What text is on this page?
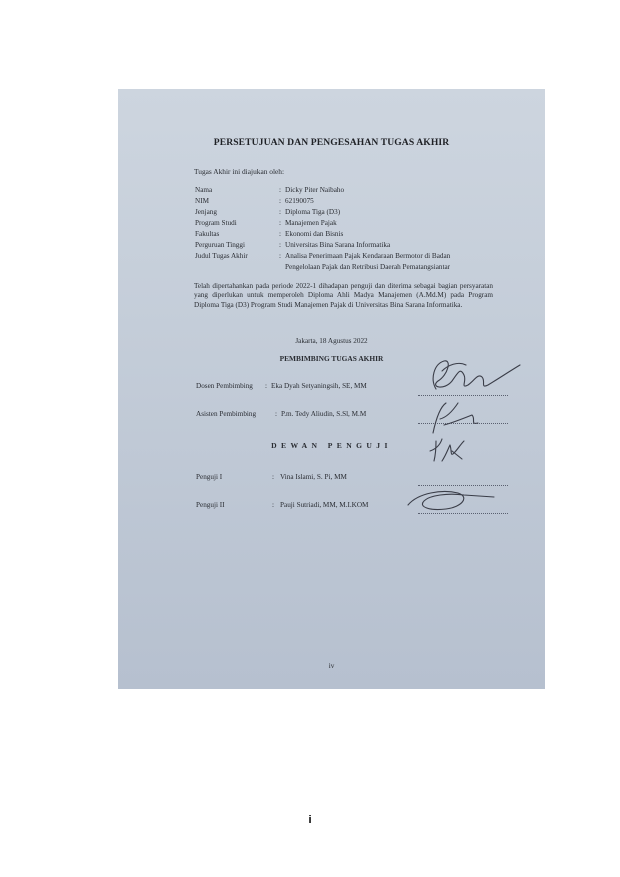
PERSETUJUAN DAN PENGESAHAN TUGAS AKHIR
Tugas Akhir ini diajukan oleh:
Nama	: Dicky Piter Naibaho
NIM	: 62190075
Jenjang	: Diploma Tiga (D3)
Program Studi	: Manajemen Pajak
Fakultas	: Ekonomi dan Bisnis
Perguruan Tinggi	: Universitas Bina Sarana Informatika
Judul Tugas Akhir	: Analisa Penerimaan Pajak Kendaraan Bermotor di Badan
Pengelolaan Pajak dan Retribusi Daerah Pematangsiantar
Telah dipertahankan pada periode 2022-1 dihadapan penguji dan diterima sebagai bagian persyaratan yang diperlukan untuk memperoleh Diploma Ahli Madya Manajemen (A.Md.M) pada Program Diploma Tiga (D3) Program Studi Manajemen Pajak di Universitas Bina Sarana Informatika.
Jakarta, 18 Agustus 2022
PEMBIMBING TUGAS AKHIR
Dosen Pembimbing : Eka Dyah Setyaningsih, SE, MM
Asisten Pembimbing	: P.m. Tedy Aliudin, S.Sl, M.M
DEWAN PENGUJI
Penguji I	: Vina Islami, S. Pi, MM
Penguji II	: Pauji Sutriadi, MM, M.I.KOM
iv
i
